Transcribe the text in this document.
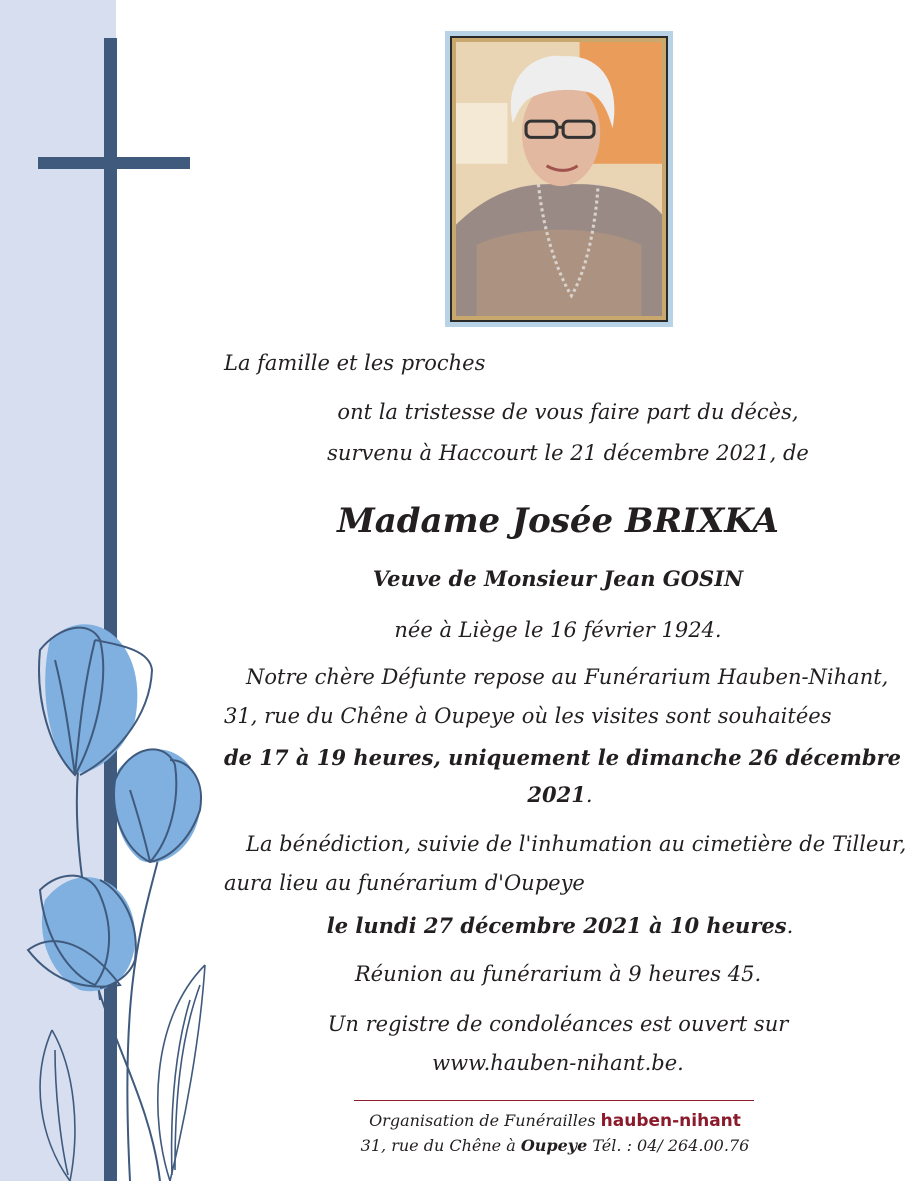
La famille et les proches
ont la tristesse de vous faire part du décès,
survenu à Haccourt le 21 décembre 2021, de
Madame Josée BRIXKA
Veuve de Monsieur Jean GOSIN
née à Liège le 16 février 1924.
Notre chère Défunte repose au Funérarium Hauben-Nihant,
31, rue du Chêne à Oupeye où les visites sont souhaitées
de 17 à 19 heures, uniquement le dimanche 26 décembre
2021.
La bénédiction, suivie de l'inhumation au cimetière de Tilleur,
aura lieu au funérarium d'Oupeye
le lundi 27 décembre 2021 à 10 heures.
Réunion au funérarium à 9 heures 45.
Un registre de condoléances est ouvert sur
www.hauben-nihant.be.
Organisation de Funérailles hauben-nihant
31, rue du Chêne à Oupeye Tél. : 04/ 264.00.76
